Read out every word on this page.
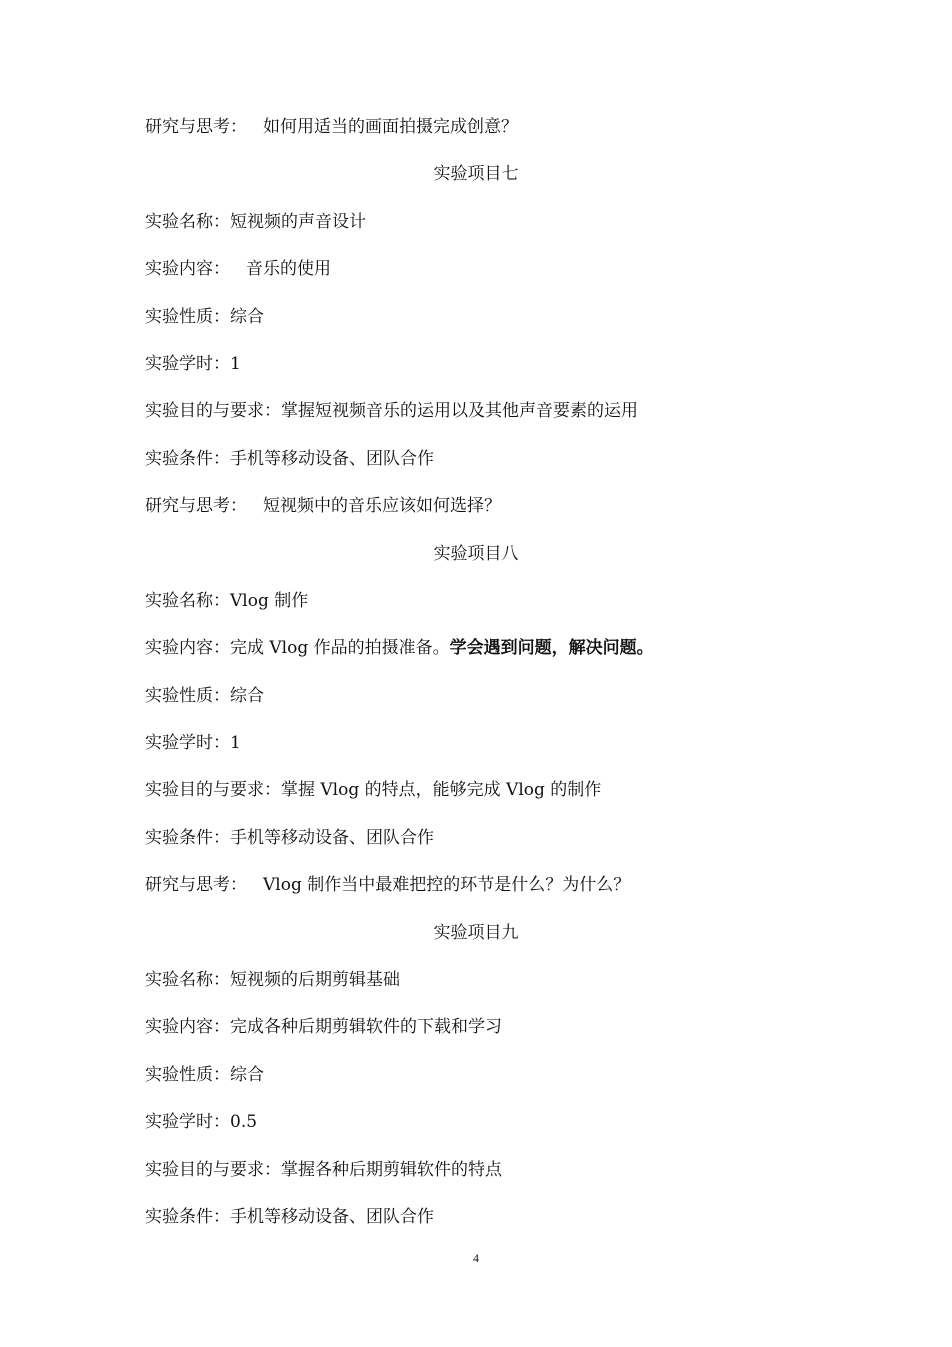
研究与思考： 如何用适当的画面拍摄完成创意？
实验项目七
实验名称：短视频的声音设计
实验内容： 音乐的使用
实验性质：综合
实验学时：1
实验目的与要求：掌握短视频音乐的运用以及其他声音要素的运用
实验条件：手机等移动设备、团队合作
研究与思考： 短视频中的音乐应该如何选择？
实验项目八
实验名称：Vlog 制作
实验内容：完成 Vlog 作品的拍摄准备。学会遇到问题，解决问题。
实验性质：综合
实验学时：1
实验目的与要求：掌握 Vlog 的特点，能够完成 Vlog 的制作
实验条件：手机等移动设备、团队合作
研究与思考： Vlog 制作当中最难把控的环节是什么？为什么？
实验项目九
实验名称：短视频的后期剪辑基础
实验内容：完成各种后期剪辑软件的下载和学习
实验性质：综合
实验学时：0.5
实验目的与要求：掌握各种后期剪辑软件的特点
实验条件：手机等移动设备、团队合作
4
